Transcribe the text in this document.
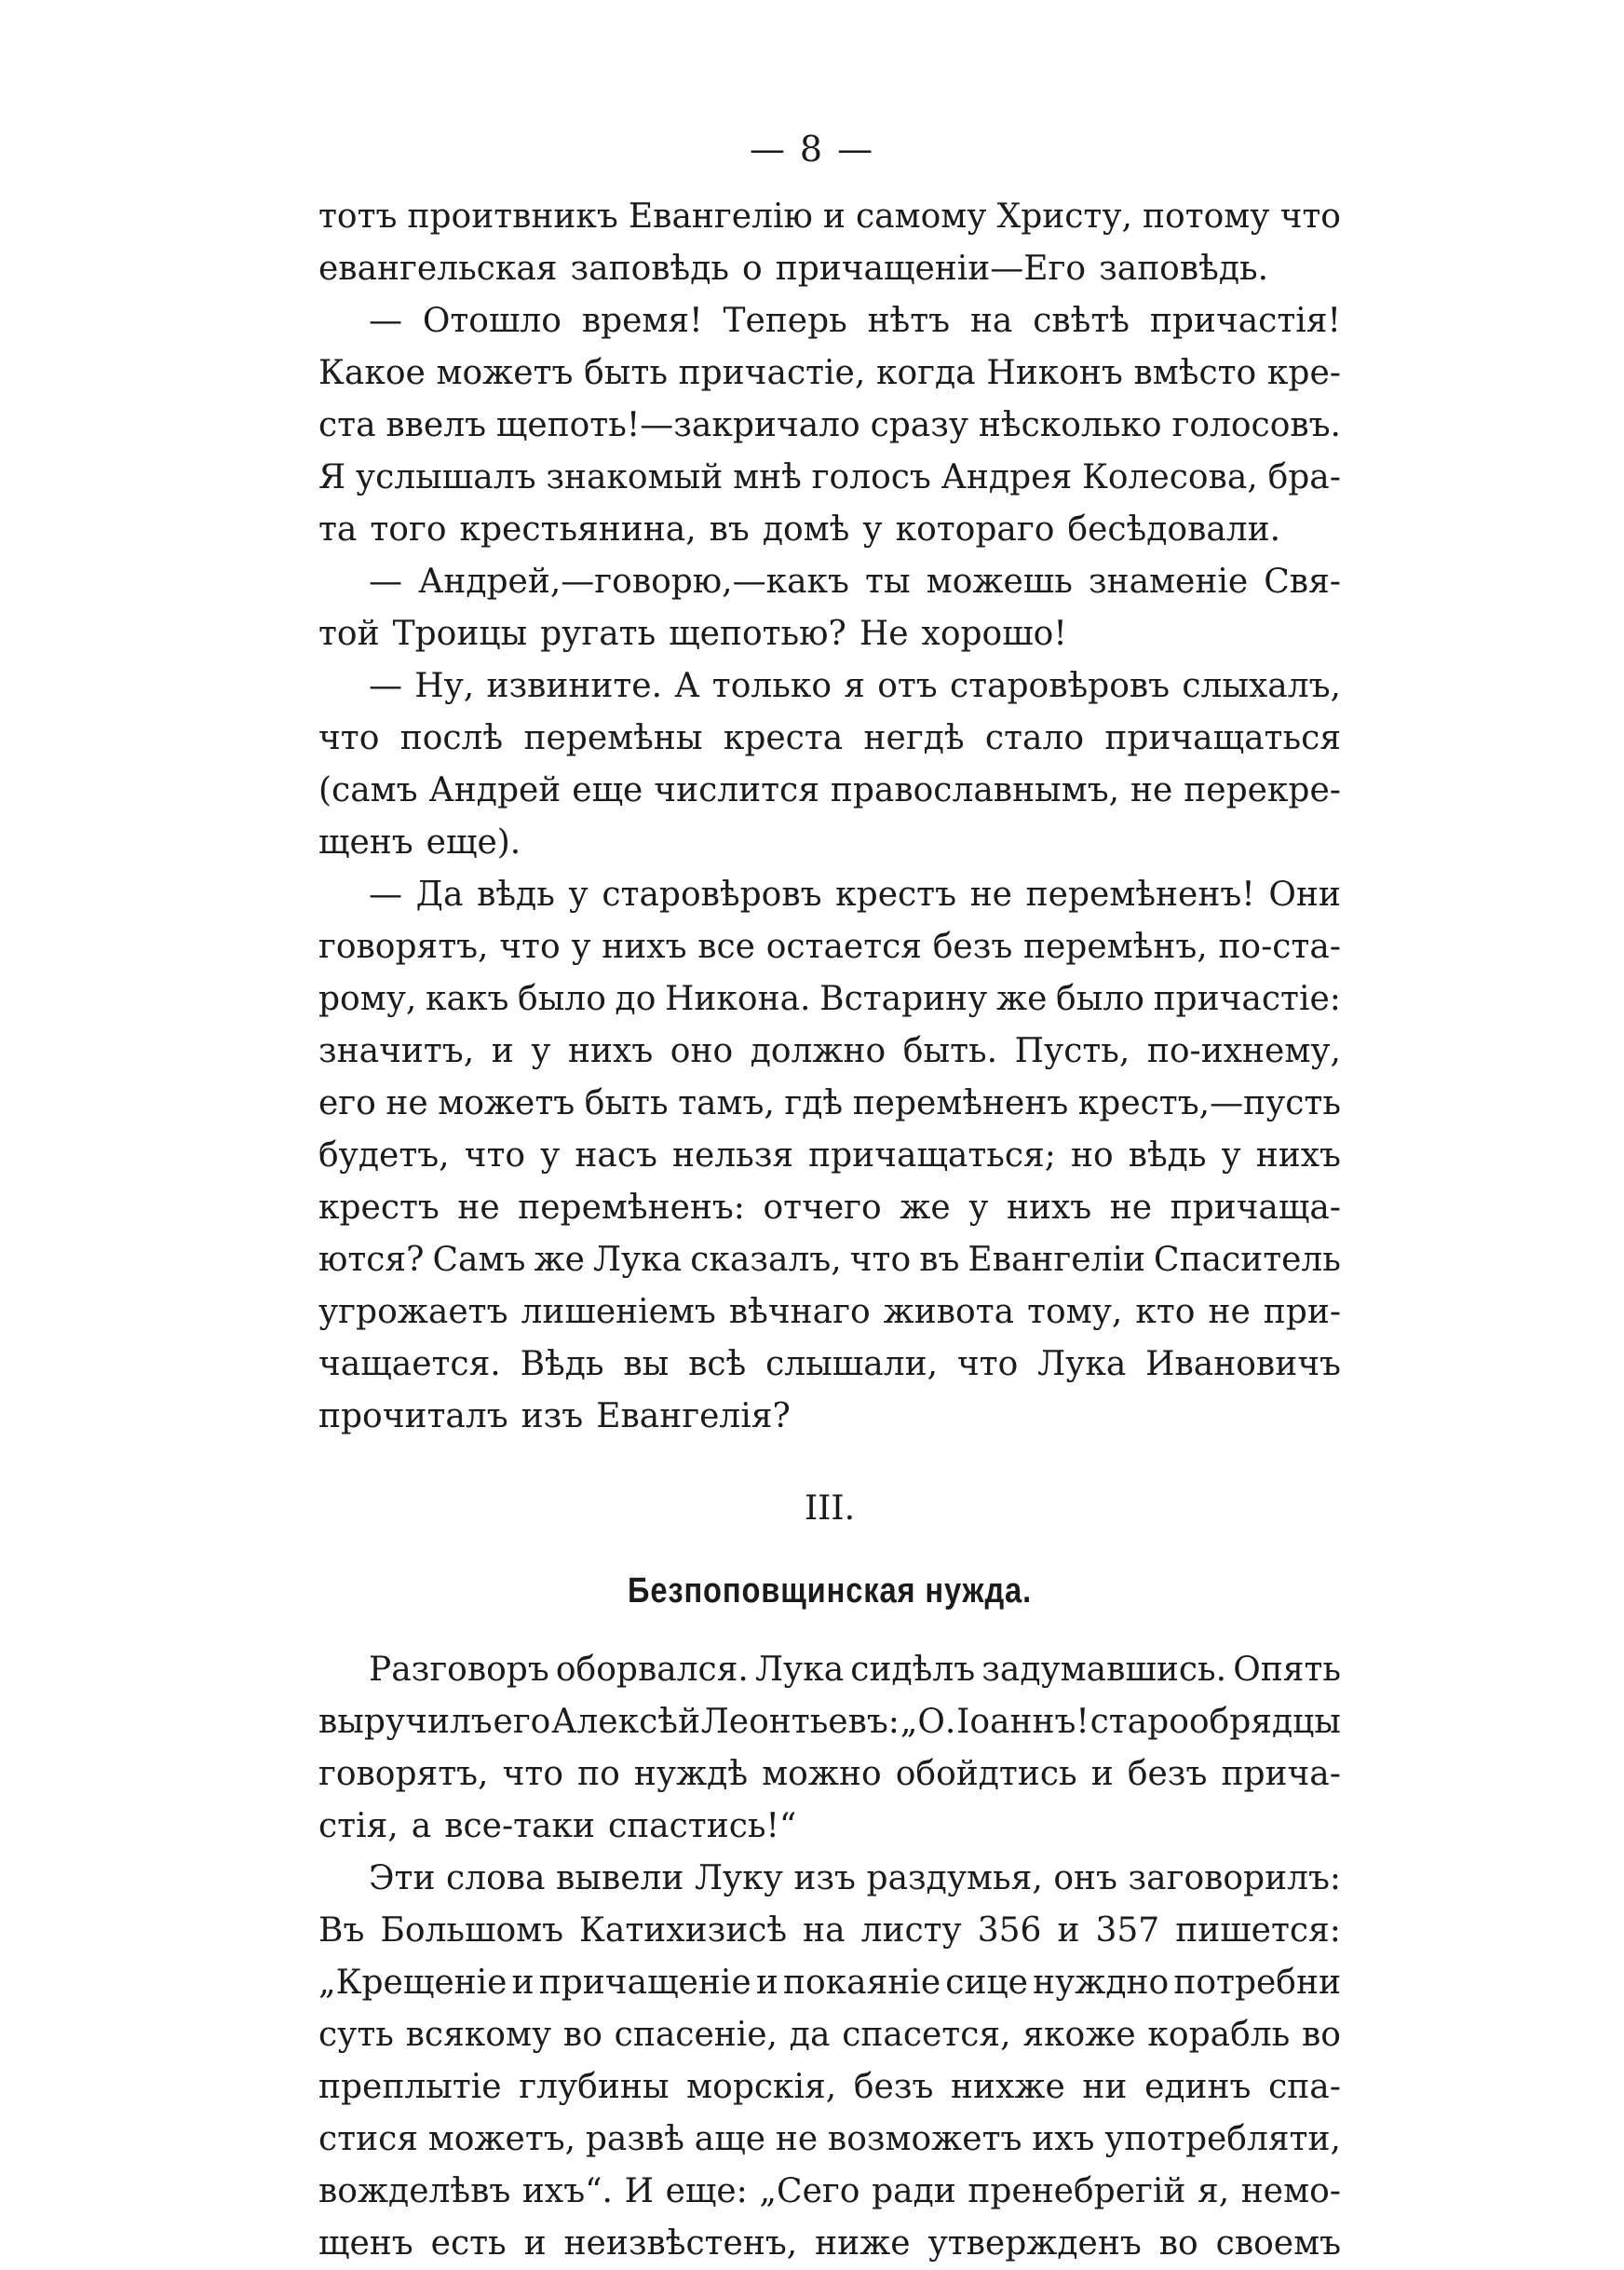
— 8 —
тотъ проитвникъ Евангелію и самому Христу, потому что
евангельская заповѣдь о причащеніи—Его заповѣдь.
— Отошло время! Теперь нѣтъ на свѣтѣ причастія!
Какое можетъ быть причастіе, когда Никонъ вмѣсто кре-
ста ввелъ щепоть!—закричало сразу нѣсколько голосовъ.
Я услышалъ знакомый мнѣ голосъ Андрея Колесова, бра-
та того крестьянина, въ домѣ у котораго бесѣдовали.
— Андрей,—говорю,—какъ ты можешь знаменіе Свя-
той Троицы ругать щепотью? Не хорошо!
— Ну, извините. А только я отъ старовѣровъ слыхалъ,
что послѣ перемѣны креста негдѣ стало причащаться
(самъ Андрей еще числится православнымъ, не перекре-
щенъ еще).
— Да вѣдь у старовѣровъ крестъ не перемѣненъ! Они
говорятъ, что у нихъ все остается безъ перемѣнъ, по-ста-
рому, какъ было до Никона. Встарину же было причастіе:
значитъ, и у нихъ оно должно быть. Пусть, по-ихнему,
его не можетъ быть тамъ, гдѣ перемѣненъ крестъ,—пусть
будетъ, что у насъ нельзя причащаться; но вѣдь у нихъ
крестъ не перемѣненъ: отчего же у нихъ не причаща-
ются? Самъ же Лука сказалъ, что въ Евангеліи Спаситель
угрожаетъ лишеніемъ вѣчнаго живота тому, кто не при-
чащается. Вѣдь вы всѣ слышали, что Лука Ивановичъ
прочиталъ изъ Евангелія?
III.
Безпоповщинская нужда.
Разговоръ оборвался. Лука сидѣлъ задумавшись. Опять
выручилъ его Алексѣй Леонтьевъ: „О. Іоаннъ! старообрядцы
говорятъ, что по нуждѣ можно обойдтись и безъ прича-
стія, а все-таки спастись!“
Эти слова вывели Луку изъ раздумья, онъ заговорилъ:
Въ Большомъ Катихизисѣ на листу 356 и 357 пишется:
„Крещеніе и причащеніе и покаяніе сице нуждно потребни
суть всякому во спасеніе, да спасется, якоже корабль во
преплытіе глубины морскія, безъ нихже ни единъ спа-
стися можетъ, развѣ аще не возможетъ ихъ употребляти,
вожделѣвъ ихъ“. И еще: „Сего ради пренебрегій я, немо-
щенъ есть и неизвѣстенъ, ниже утвержденъ во своемъ
